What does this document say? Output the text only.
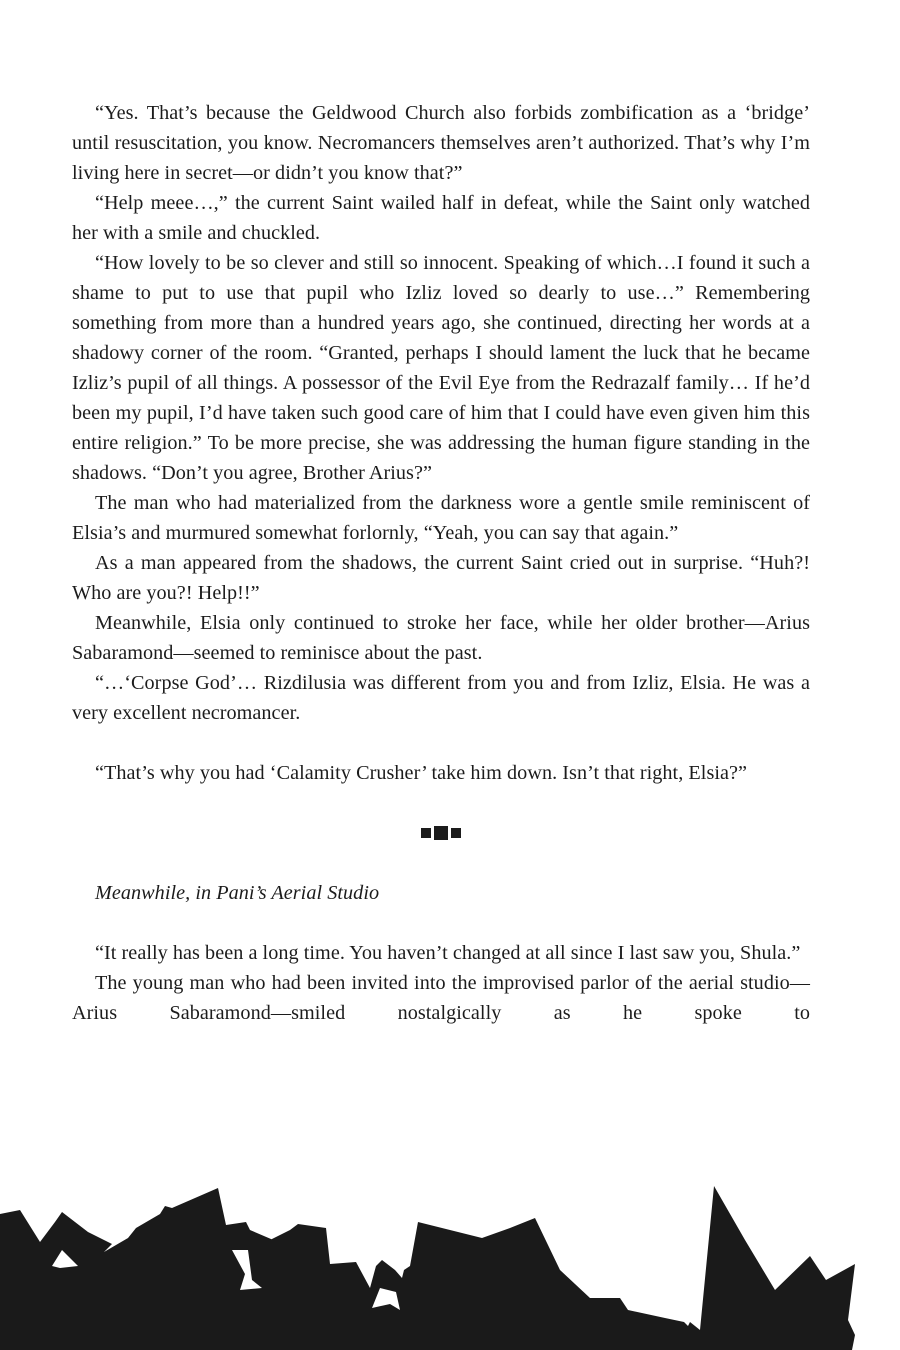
“Yes. That’s because the Geldwood Church also forbids zombification as a ‘bridge’ until resuscitation, you know. Necromancers themselves aren’t authorized. That’s why I’m living here in secret—or didn’t you know that?”

“Help meee…,” the current Saint wailed half in defeat, while the Saint only watched her with a smile and chuckled.

“How lovely to be so clever and still so innocent. Speaking of which…I found it such a shame to put to use that pupil who Izliz loved so dearly to use…” Remembering something from more than a hundred years ago, she continued, directing her words at a shadowy corner of the room. “Granted, perhaps I should lament the luck that he became Izliz’s pupil of all things. A possessor of the Evil Eye from the Redrazalf family… If he’d been my pupil, I’d have taken such good care of him that I could have even given him this entire religion.” To be more precise, she was addressing the human figure standing in the shadows. “Don’t you agree, Brother Arius?”

The man who had materialized from the darkness wore a gentle smile reminiscent of Elsia’s and murmured somewhat forlornly, “Yeah, you can say that again.”

As a man appeared from the shadows, the current Saint cried out in surprise. “Huh?! Who are you?! Help!!”

Meanwhile, Elsia only continued to stroke her face, while her older brother—Arius Sabaramond—seemed to reminisce about the past.

“…‘Corpse God’… Rizdilusia was different from you and from Izliz, Elsia. He was a very excellent necromancer.

“That’s why you had ‘Calamity Crusher’ take him down. Isn’t that right, Elsia?”

Meanwhile, in Pani’s Aerial Studio

“It really has been a long time. You haven’t changed at all since I last saw you, Shula.”

The young man who had been invited into the improvised parlor of the aerial studio—Arius Sabaramond—smiled nostalgically as he spoke to
